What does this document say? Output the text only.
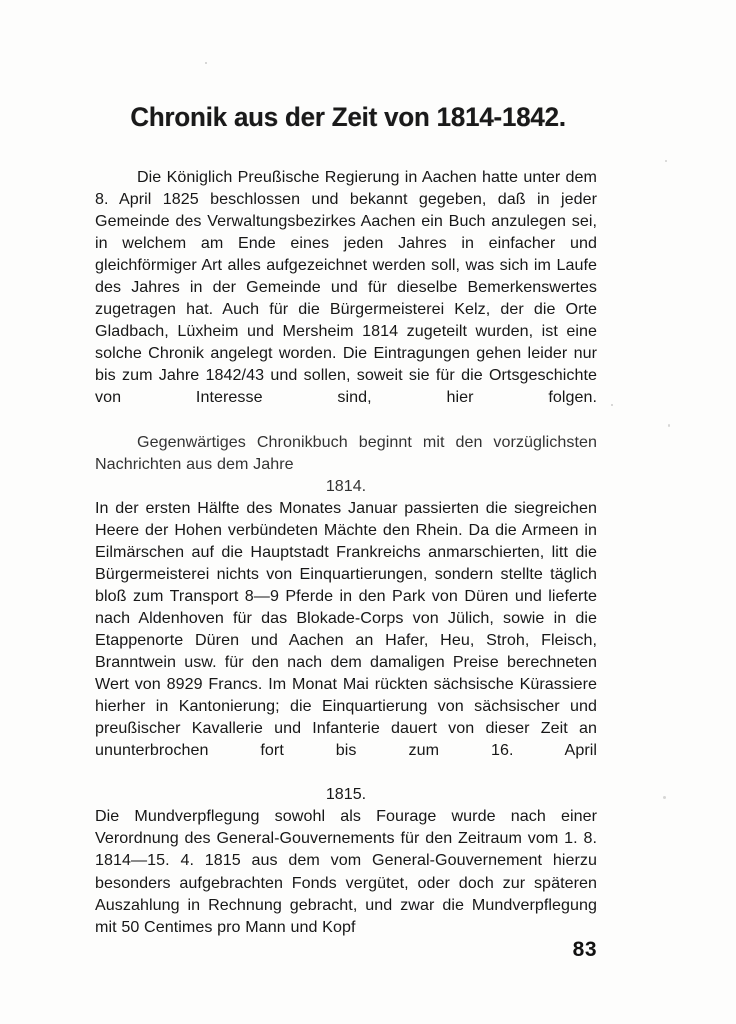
Chronik aus der Zeit von 1814-1842.

Die Königlich Preußische Regierung in Aachen hatte unter dem 8. April 1825 beschlossen und bekannt gegeben, daß in jeder Gemeinde des Verwaltungsbezirkes Aachen ein Buch anzulegen sei, in welchem am Ende eines jeden Jahres in einfacher und gleichförmiger Art alles aufgezeichnet werden soll, was sich im Laufe des Jahres in der Gemeinde und für dieselbe Bemerkenswertes zugetragen hat. Auch für die Bürgermeisterei Kelz, der die Orte Gladbach, Lüxheim und Mersheim 1814 zugeteilt wurden, ist eine solche Chronik angelegt worden. Die Eintragungen gehen leider nur bis zum Jahre 1842/43 und sollen, soweit sie für die Ortsgeschichte von Interesse sind, hier folgen.

Gegenwärtiges Chronikbuch beginnt mit den vorzüglichsten Nachrichten aus dem Jahre

1814.

In der ersten Hälfte des Monates Januar passierten die siegreichen Heere der Hohen verbündeten Mächte den Rhein. Da die Armeen in Eilmärschen auf die Hauptstadt Frankreichs anmarschierten, litt die Bürgermeisterei nichts von Einquartierungen, sondern stellte täglich bloß zum Transport 8—9 Pferde in den Park von Düren und lieferte nach Aldenhoven für das Blokade-Corps von Jülich, sowie in die Etappenorte Düren und Aachen an Hafer, Heu, Stroh, Fleisch, Branntwein usw. für den nach dem damaligen Preise berechneten Wert von 8929 Francs. Im Monat Mai rückten sächsische Kürassiere hierher in Kantonierung; die Einquartierung von sächsischer und preußischer Kavallerie und Infanterie dauert von dieser Zeit an ununterbrochen fort bis zum 16. April

1815.

Die Mundverpflegung sowohl als Fourage wurde nach einer Verordnung des General-Gouvernements für den Zeitraum vom 1. 8. 1814—15. 4. 1815 aus dem vom General-Gouvernement hierzu besonders aufgebrachten Fonds vergütet, oder doch zur späteren Auszahlung in Rechnung gebracht, und zwar die Mundverpflegung mit 50 Centimes pro Mann und Kopf

83
